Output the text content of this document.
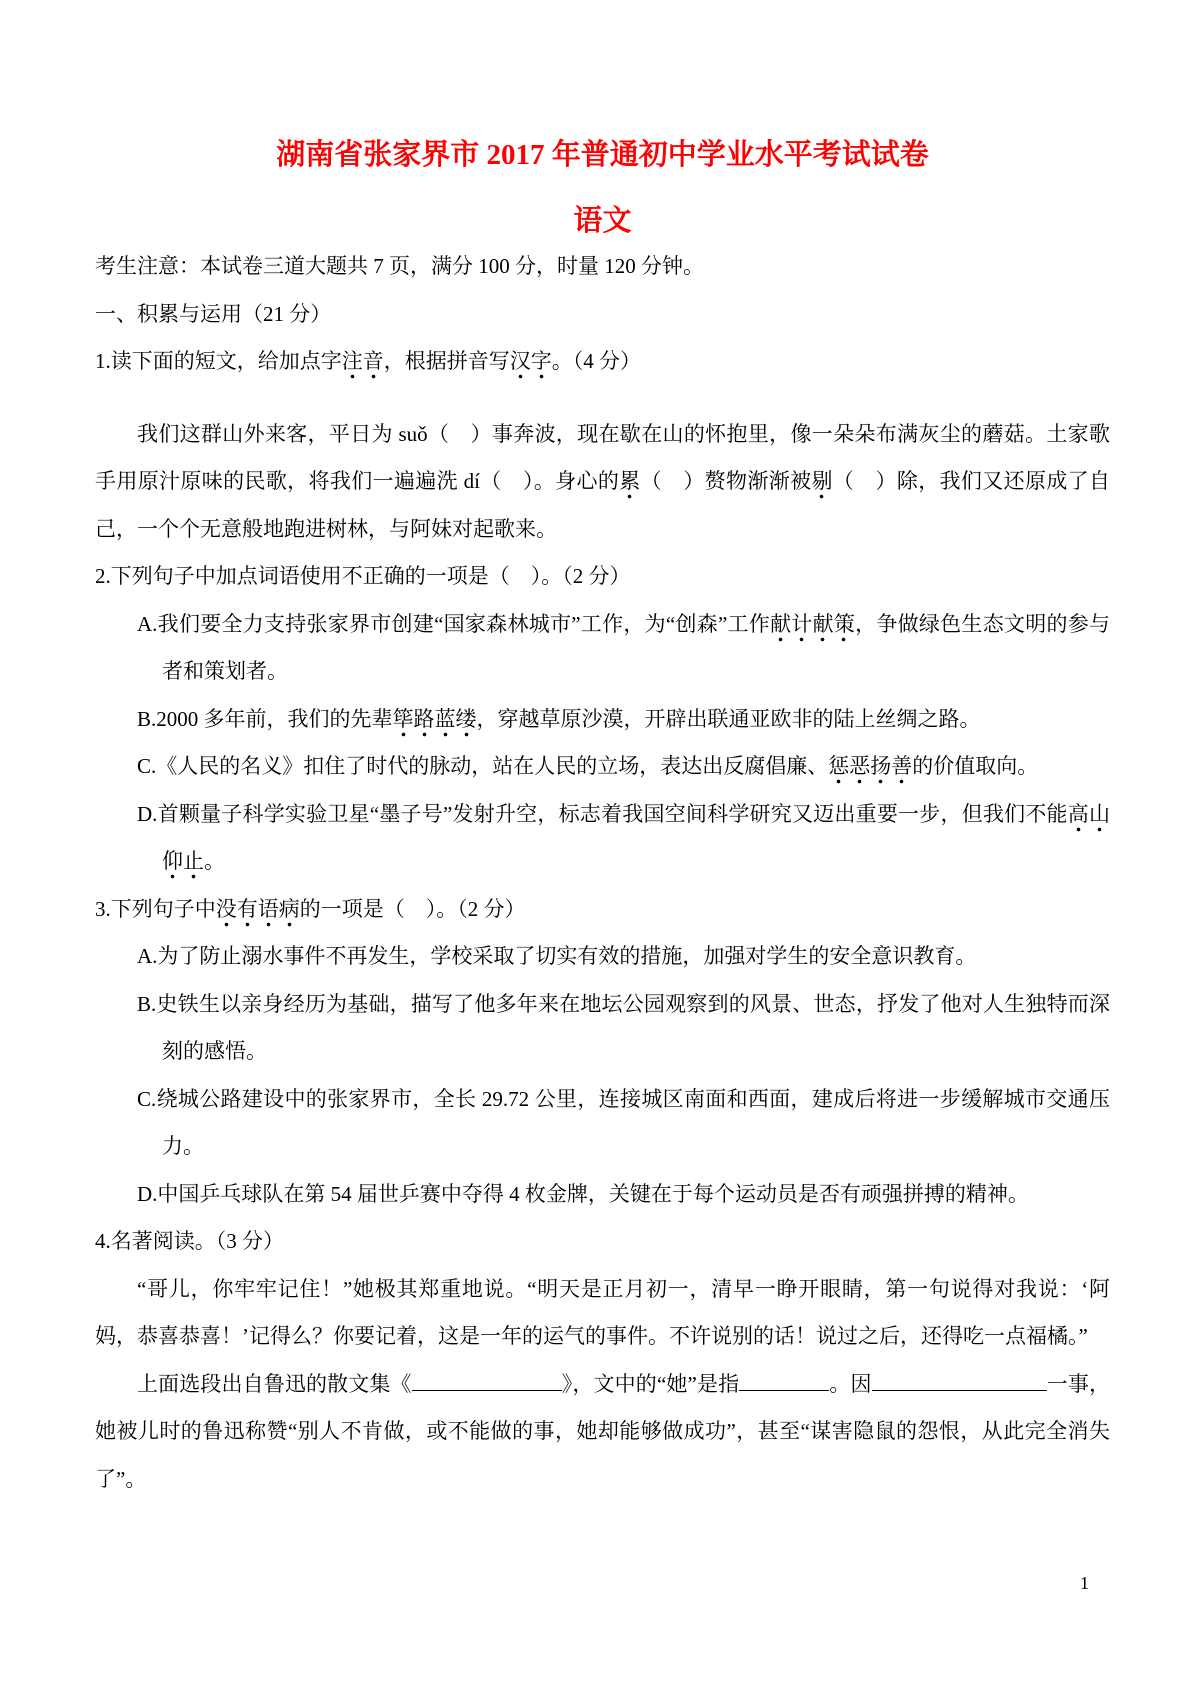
湖南省张家界市 2017 年普通初中学业水平考试试卷
语文

考生注意：本试卷三道大题共 7 页，满分 100 分，时量 120 分钟。

一、积累与运用（21 分）

1.读下面的短文，给加点字注音，根据拼音写汉字。（4 分）

我们这群山外来客，平日为 suǒ（　）事奔波，现在歇在山的怀抱里，像一朵朵布满灰尘的蘑菇。土家歌手用原汁原味的民歌，将我们一遍遍洗 dí（　）。身心的累（　）赘物渐渐被剔（　）除，我们又还原成了自己，一个个无意般地跑进树林，与阿妹对起歌来。

2.下列句子中加点词语使用不正确的一项是（　）。（2 分）

A.我们要全力支持张家界市创建“国家森林城市”工作，为“创森”工作献计献策，争做绿色生态文明的参与者和策划者。

B.2000 多年前，我们的先辈筚路蓝缕，穿越草原沙漠，开辟出联通亚欧非的陆上丝绸之路。

C.《人民的名义》扣住了时代的脉动，站在人民的立场，表达出反腐倡廉、惩恶扬善的价值取向。

D.首颗量子科学实验卫星“墨子号”发射升空，标志着我国空间科学研究又迈出重要一步，但我们不能高山仰止。

3.下列句子中没有语病的一项是（　）。（2 分）

A.为了防止溺水事件不再发生，学校采取了切实有效的措施，加强对学生的安全意识教育。

B.史铁生以亲身经历为基础，描写了他多年来在地坛公园观察到的风景、世态，抒发了他对人生独特而深刻的感悟。

C.绕城公路建设中的张家界市，全长 29.72 公里，连接城区南面和西面，建成后将进一步缓解城市交通压力。

D.中国乒乓球队在第 54 届世乒赛中夺得 4 枚金牌，关键在于每个运动员是否有顽强拼搏的精神。

4.名著阅读。（3 分）

“哥儿，你牢牢记住！”她极其郑重地说。“明天是正月初一，清早一睁开眼睛，第一句说得对我说：‘阿妈，恭喜恭喜！’记得么？你要记着，这是一年的运气的事件。不许说别的话！说过之后，还得吃一点福橘。”

上面选段出自鲁迅的散文集《	》，文中的“她”是指	。因	一事，她被儿时的鲁迅称赞“别人不肯做，或不能做的事，她却能够做成功”，甚至“谋害隐鼠的怨恨，从此完全消失了”。

1
